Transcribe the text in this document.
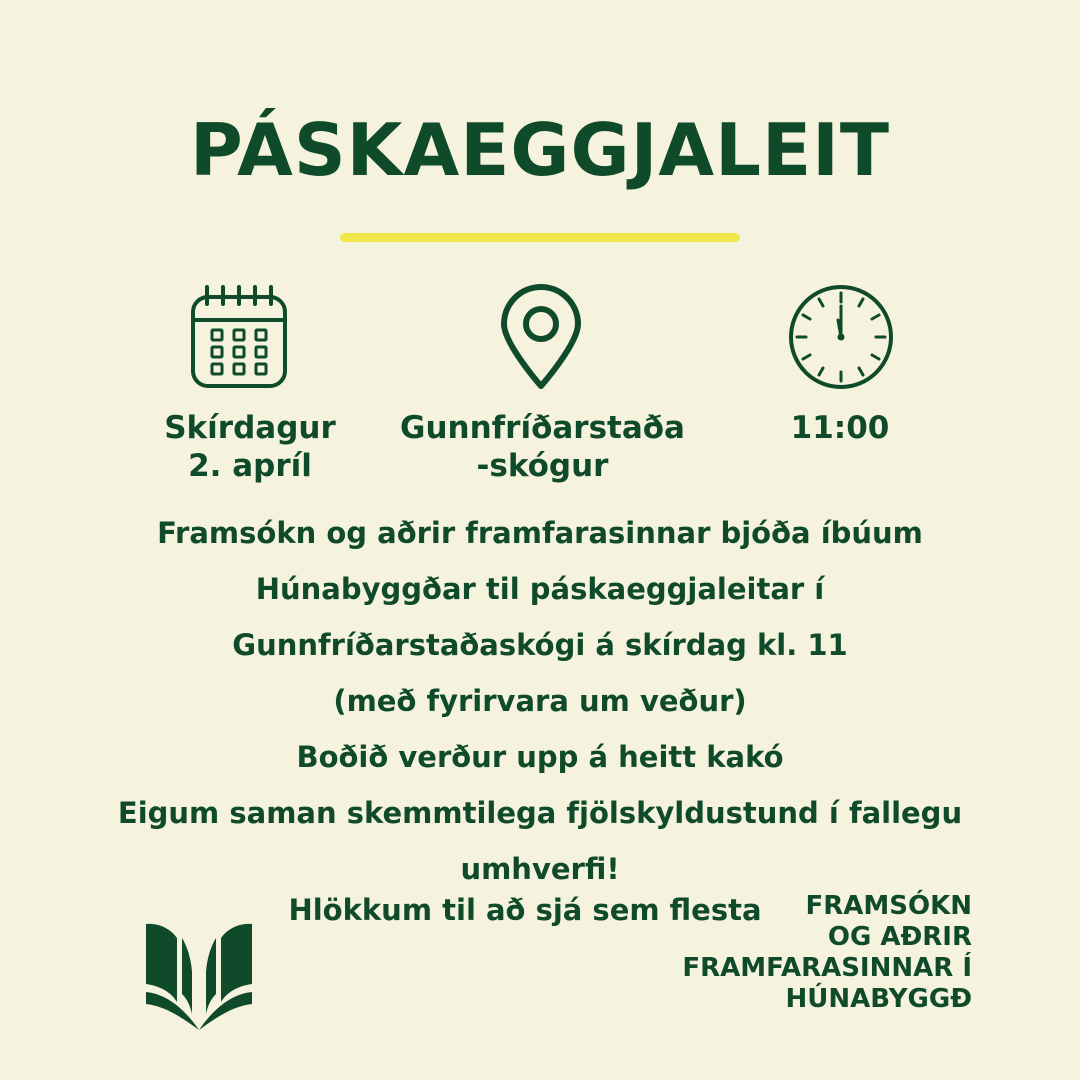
PÁSKAEGGJALEIT
Skírdagur
2. apríl
Gunnfríðarstaða
-skógur
11:00
Framsókn og aðrir framfarasinnar bjóða íbúum
Húnabyggðar til páskaeggjaleitar í
Gunnfríðarstaðaskógi á skírdag kl. 11
(með fyrirvara um veður)
Boðið verður upp á heitt kakó
Eigum saman skemmtilega fjölskyldustund í fallegu
umhverfi!
Hlökkum til að sjá sem flesta	FRAMSÓKN
OG AÐRIR
FRAMFARASINNAR Í
HÚNABYGGÐ
